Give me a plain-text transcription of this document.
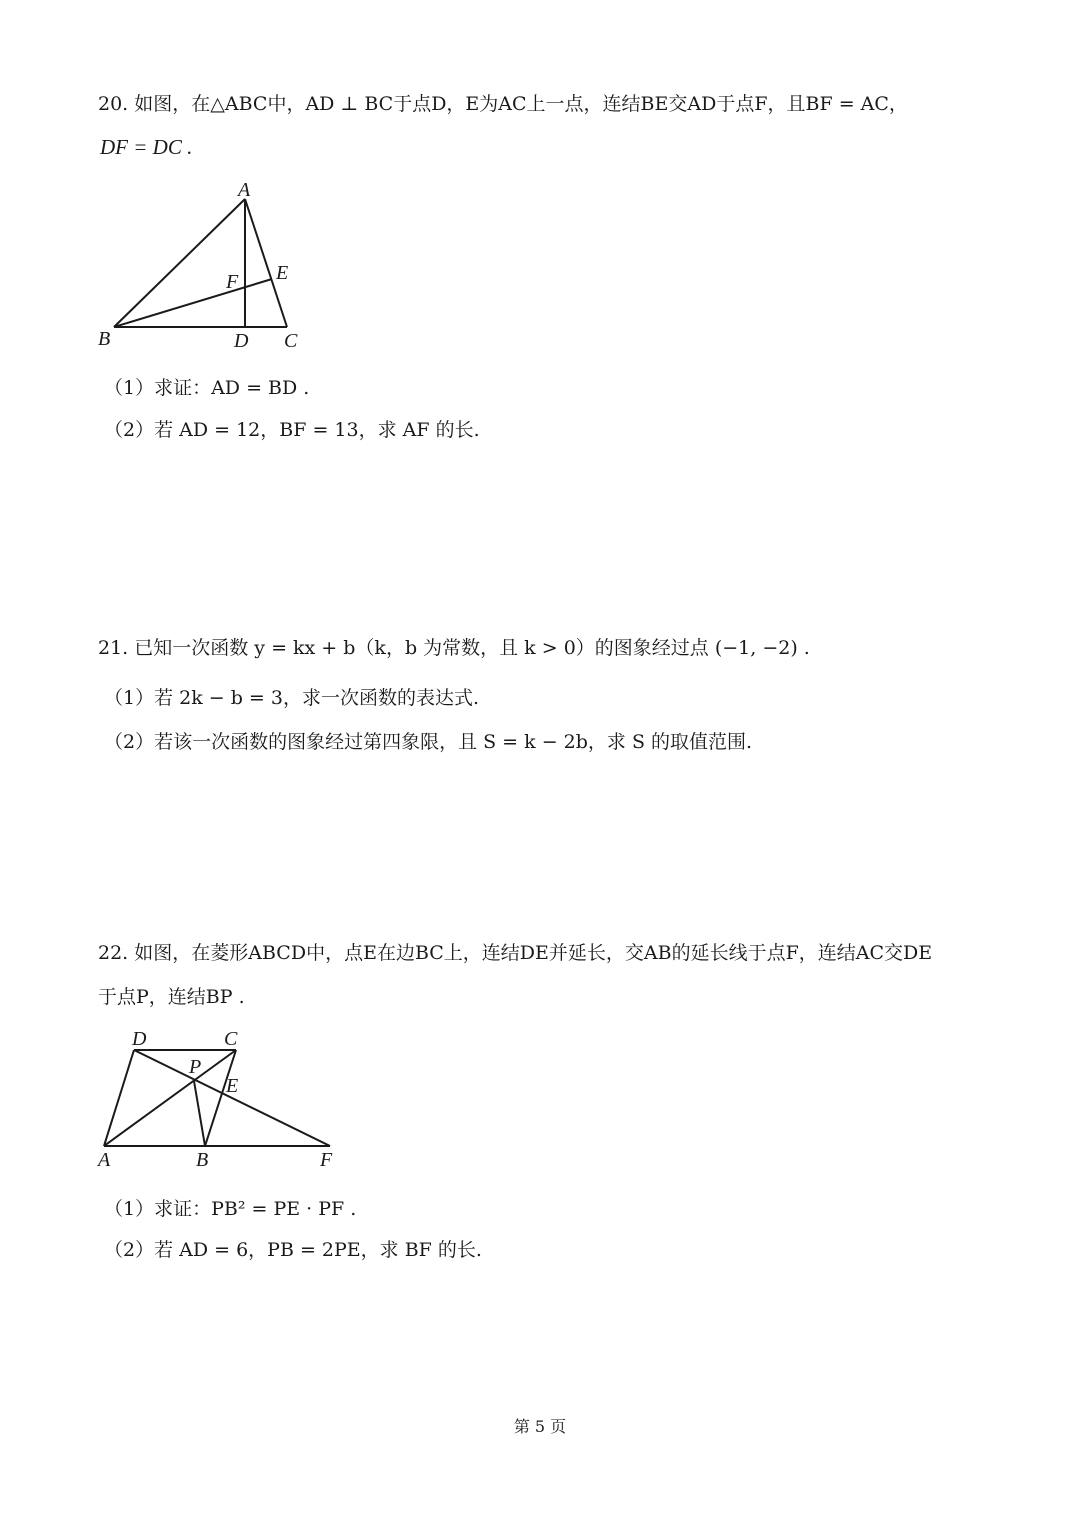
20. 如图，在△ABC中，AD ⊥ BC于点D，E为AC上一点，连结BE交AD于点F，且BF = AC，
DF = DC .
A
B	C
D
E
F
（1）求证：AD = BD .
（2）若 AD = 12，BF = 13，求 AF 的长.
21. 已知一次函数 y = kx + b（k，b 为常数，且 k > 0）的图象经过点 (−1, −2) .
（1）若 2k − b = 3，求一次函数的表达式.
（2）若该一次函数的图象经过第四象限，且 S = k − 2b，求 S 的取值范围.
22. 如图，在菱形ABCD中，点E在边BC上，连结DE并延长，交AB的延长线于点F，连结AC交DE
于点P，连结BP .
A	B
C
D
E
F
P
（1）求证：PB² = PE · PF .
（2）若 AD = 6，PB = 2PE，求 BF 的长.
第 5 页
